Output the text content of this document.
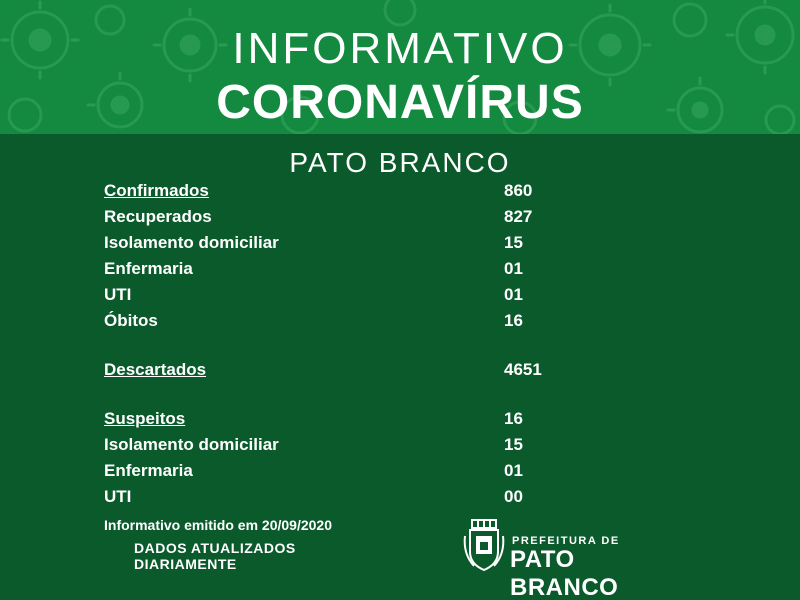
INFORMATIVO
CORONAVÍRUS
PATO BRANCO
Confirmados	860
Recuperados	827
Isolamento domiciliar	15
Enfermaria	01
UTI	01
Óbitos	16
Descartados	4651
Suspeitos	16
Isolamento domiciliar	15
Enfermaria	01
UTI	00
Informativo emitido em 20/09/2020
DADOS ATUALIZADOS
DIARIAMENTE
PREFEITURA DE
PATO BRANCO
